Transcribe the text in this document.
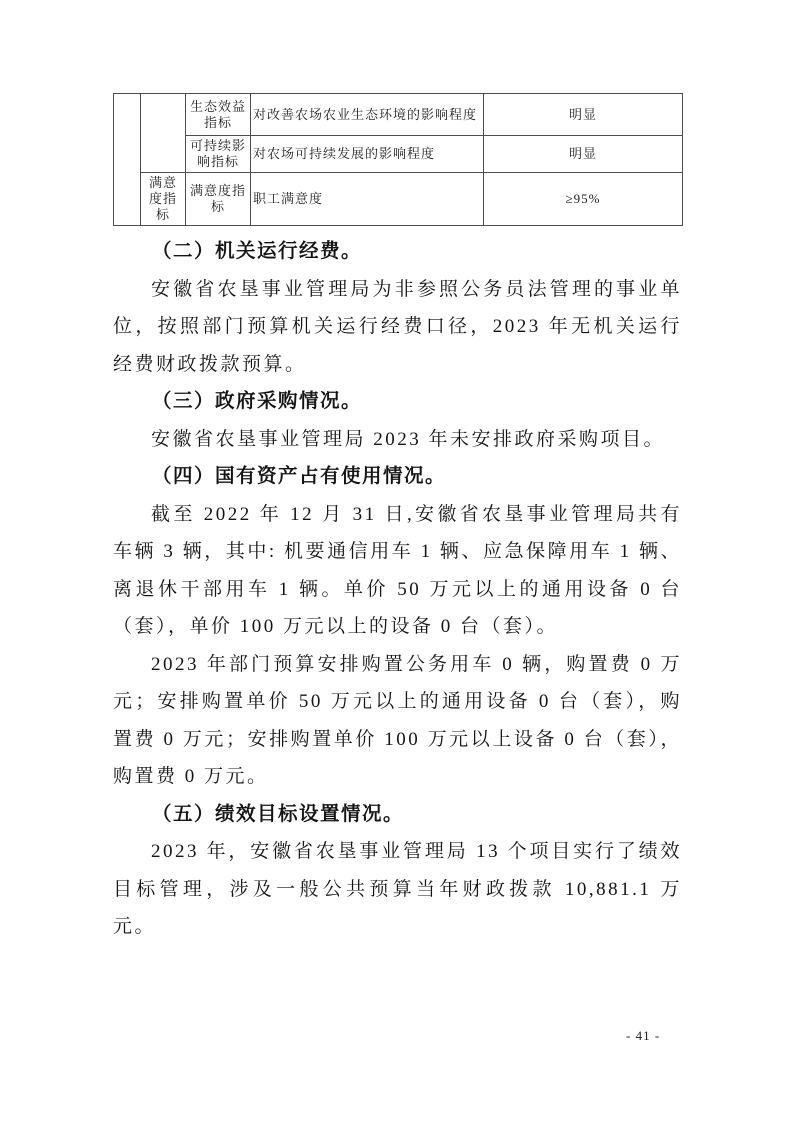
		生态效益指标	对改善农场农业生态环境的影响程度	明显
		可持续影响指标	对农场可持续发展的影响程度	明显
	满意度指标	满意度指标	职工满意度	≥95%
（二）机关运行经费。

安徽省农垦事业管理局为非参照公务员法管理的事业单位，按照部门预算机关运行经费口径，2023 年无机关运行经费财政拨款预算。

（三）政府采购情况。

安徽省农垦事业管理局 2023 年未安排政府采购项目。

（四）国有资产占有使用情况。

截至 2022 年 12 月 31 日,安徽省农垦事业管理局共有车辆 3 辆，其中: 机要通信用车 1 辆、应急保障用车 1 辆、离退休干部用车 1 辆。单价 50 万元以上的通用设备 0 台（套），单价 100 万元以上的设备 0 台（套）。

2023 年部门预算安排购置公务用车 0 辆，购置费 0 万元；安排购置单价 50 万元以上的通用设备 0 台（套），购置费 0 万元；安排购置单价 100 万元以上设备 0 台（套），购置费 0 万元。

（五）绩效目标设置情况。

2023 年，安徽省农垦事业管理局 13 个项目实行了绩效目标管理，涉及一般公共预算当年财政拨款 10,881.1 万元。

- 41 -
